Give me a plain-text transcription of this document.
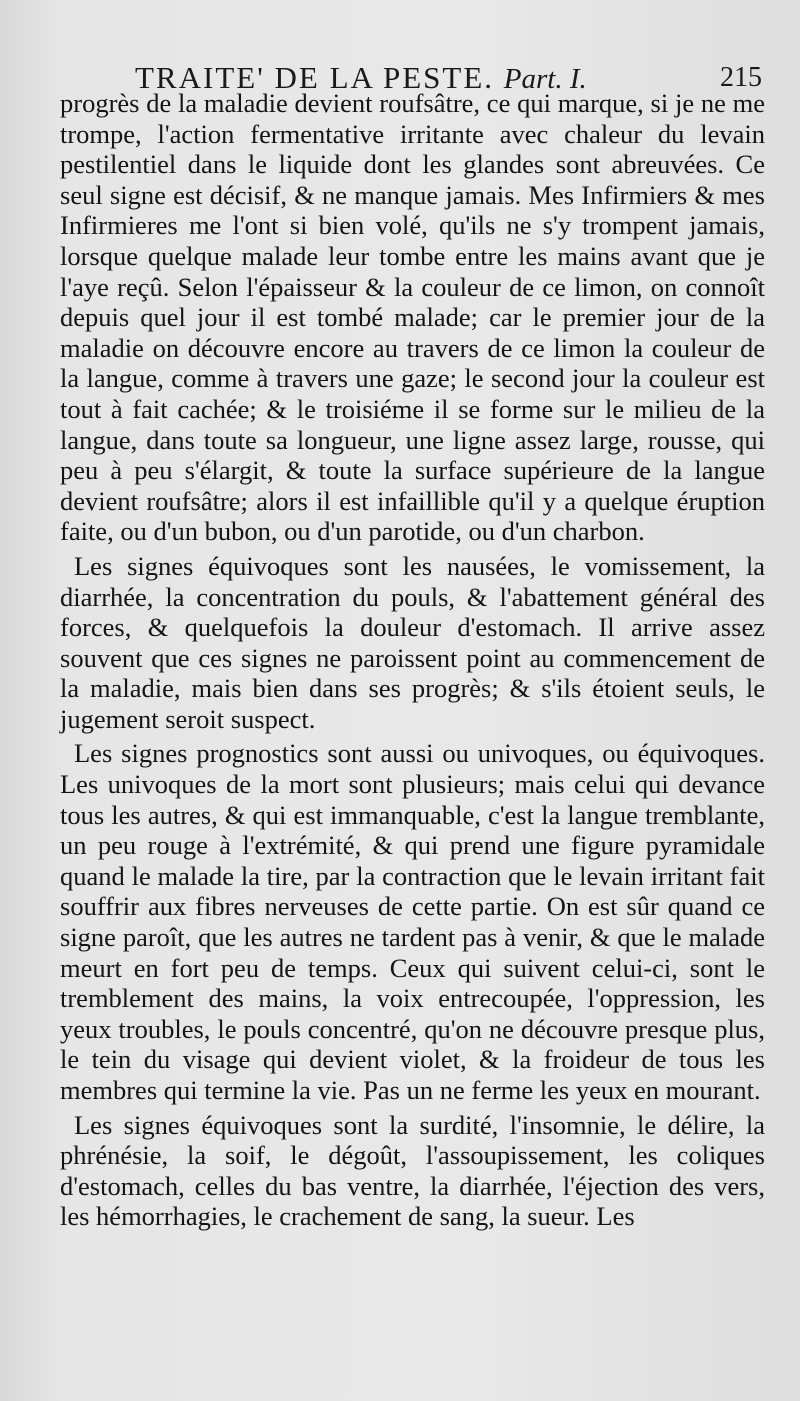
TRAITE' DE LA PESTE. Part. I.	215

progrès de la maladie devient roufsâtre, ce qui marque, si je ne me trompe, l'action fermentative irritante avec chaleur du levain pestilentiel dans le liquide dont les glandes sont abreuvées. Ce seul signe est décisif, & ne manque jamais. Mes Infirmiers & mes Infirmieres me l'ont si bien volé, qu'ils ne s'y trompent jamais, lorsque quelque malade leur tombe entre les mains avant que je l'aye reçû. Selon l'épaisseur & la couleur de ce limon, on connoît depuis quel jour il est tombé malade; car le premier jour de la maladie on découvre encore au travers de ce limon la couleur de la langue, comme à travers une gaze; le second jour la couleur est tout à fait cachée; & le troisiéme il se forme sur le milieu de la langue, dans toute sa longueur, une ligne assez large, rousse, qui peu à peu s'élargit, & toute la surface supérieure de la langue devient roufsâtre; alors il est infaillible qu'il y a quelque éruption faite, ou d'un bubon, ou d'un parotide, ou d'un charbon.

Les signes équivoques sont les nausées, le vomissement, la diarrhée, la concentration du pouls, & l'abattement général des forces, & quelquefois la douleur d'estomach. Il arrive assez souvent que ces signes ne paroissent point au commencement de la maladie, mais bien dans ses progrès; & s'ils étoient seuls, le jugement seroit suspect.

Les signes prognostics sont aussi ou univoques, ou équivoques. Les univoques de la mort sont plusieurs; mais celui qui devance tous les autres, & qui est immanquable, c'est la langue tremblante, un peu rouge à l'extrémité, & qui prend une figure pyramidale quand le malade la tire, par la contraction que le levain irritant fait souffrir aux fibres nerveuses de cette partie. On est sûr quand ce signe paroît, que les autres ne tardent pas à venir, & que le malade meurt en fort peu de temps. Ceux qui suivent celui-ci, sont le tremblement des mains, la voix entrecoupée, l'oppression, les yeux troubles, le pouls concentré, qu'on ne découvre presque plus, le tein du visage qui devient violet, & la froideur de tous les membres qui termine la vie. Pas un ne ferme les yeux en mourant.

Les signes équivoques sont la surdité, l'insomnie, le délire, la phrénésie, la soif, le dégoût, l'assoupissement, les coliques d'estomach, celles du bas ventre, la diarrhée, l'éjection des vers, les hémorrhagies, le crachement de sang, la sueur. Les
